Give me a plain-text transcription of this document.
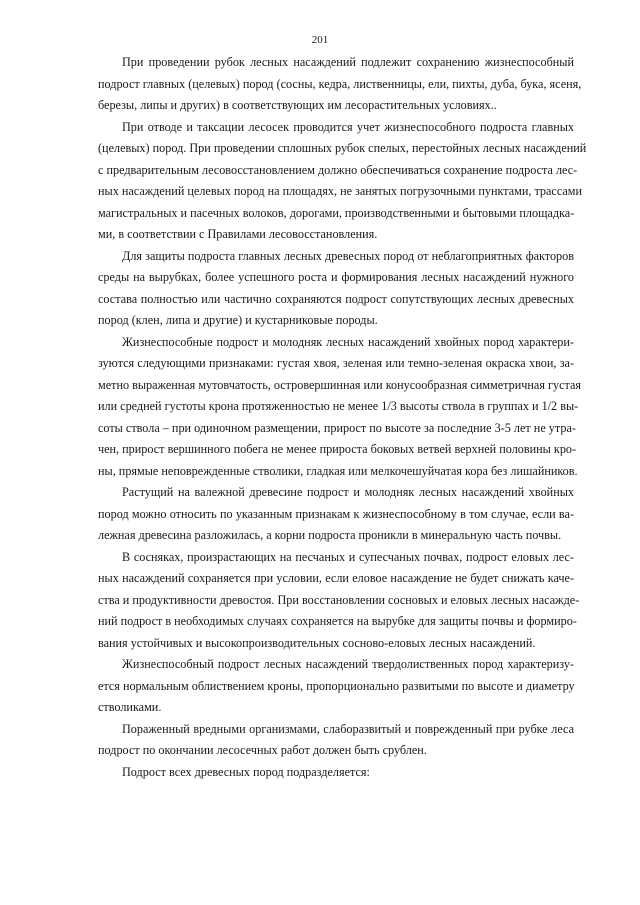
201
При проведении рубок лесных насаждений подлежит сохранению жизнеспособный
подрост главных (целевых) пород (сосны, кедра, лиственницы, ели, пихты, дуба, бука, ясеня,
березы, липы и других) в соответствующих им лесорастительных условиях..
При отводе и таксации лесосек проводится учет жизнеспособного подроста главных
(целевых) пород. При проведении сплошных рубок спелых, перестойных лесных насаждений
с предварительным лесовосстановлением должно обеспечиваться сохранение подроста лес-
ных насаждений целевых пород на площадях, не занятых погрузочными пунктами, трассами
магистральных и пасечных волоков, дорогами, производственными и бытовыми площадка-
ми, в соответствии с Правилами лесовосстановления.
Для защиты подроста главных лесных древесных пород от неблагоприятных факторов
среды на вырубках, более успешного роста и формирования лесных насаждений нужного
состава полностью или частично сохраняются подрост сопутствующих лесных древесных
пород (клен, липа и другие) и кустарниковые породы.
Жизнеспособные подрост и молодняк лесных насаждений хвойных пород характери-
зуются следующими признаками: густая хвоя, зеленая или темно-зеленая окраска хвои, за-
метно выраженная мутовчатость, островершинная или конусообразная симметричная густая
или средней густоты крона протяженностью не менее 1/3 высоты ствола в группах и 1/2 вы-
соты ствола – при одиночном размещении, прирост по высоте за последние 3-5 лет не утра-
чен, прирост вершинного побега не менее прироста боковых ветвей верхней половины кро-
ны, прямые неповрежденные стволики, гладкая или мелкочешуйчатая кора без лишайников.
Растущий на валежной древесине подрост и молодняк лесных насаждений хвойных
пород можно относить по указанным признакам к жизнеспособному в том случае, если ва-
лежная древесина разложилась, а корни подроста проникли в минеральную часть почвы.
В сосняках, произрастающих на песчаных и супесчаных почвах, подрост еловых лес-
ных насаждений сохраняется при условии, если еловое насаждение не будет снижать каче-
ства и продуктивности древостоя. При восстановлении сосновых и еловых лесных насажде-
ний подрост в необходимых случаях сохраняется на вырубке для защиты почвы и формиро-
вания устойчивых и высокопроизводительных сосново-еловых лесных насаждений.
Жизнеспособный подрост лесных насаждений твердолиственных пород характеризу-
ется нормальным облиствением кроны, пропорционально развитыми по высоте и диаметру
стволиками.
Пораженный вредными организмами, слаборазвитый и поврежденный при рубке леса
подрост по окончании лесосечных работ должен быть срублен.
Подрост всех древесных пород подразделяется:
